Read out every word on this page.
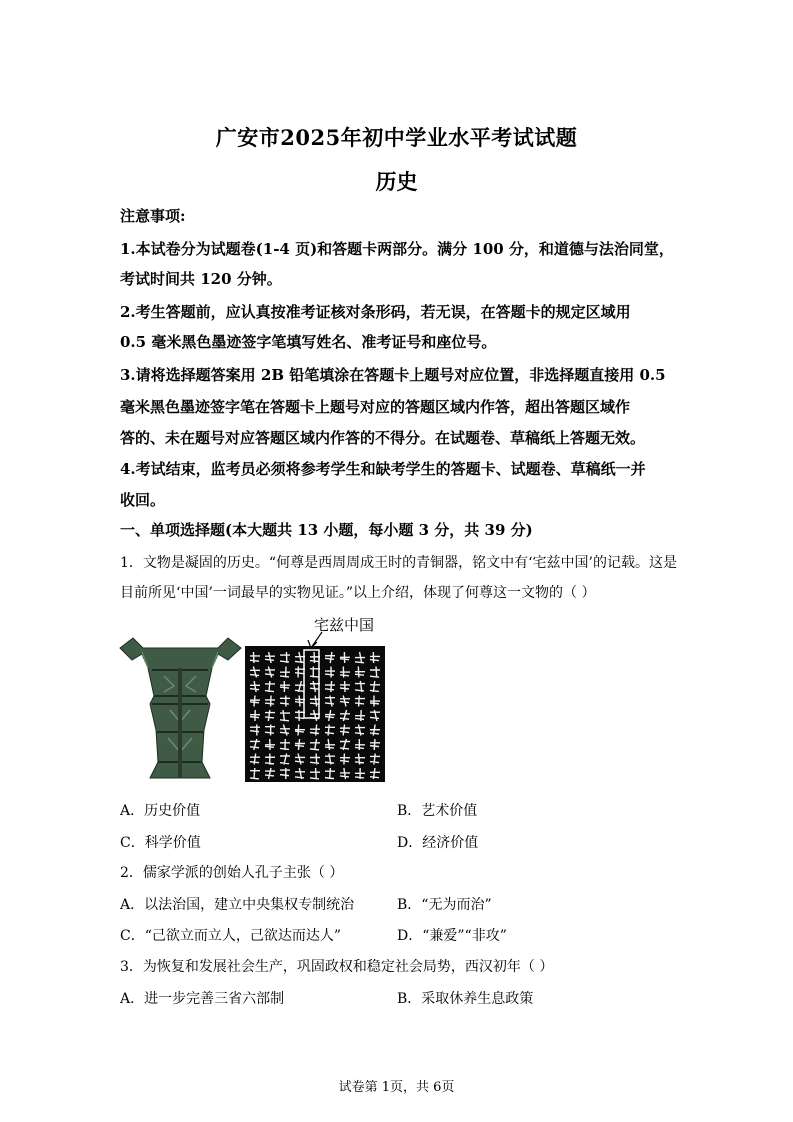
广安市2025年初中学业水平考试试题
历史
注意事项:
1.本试卷分为试题卷(1-4 页)和答题卡两部分。满分 100 分，和道德与法治同堂，
考试时间共 120 分钟。
2.考生答题前，应认真按准考证核对条形码，若无误，在答题卡的规定区域用
0.5 毫米黑色墨迹签字笔填写姓名、准考证号和座位号。
3.请将选择题答案用 2B 铅笔填涂在答题卡上题号对应位置，非选择题直接用 0.5
毫米黑色墨迹签字笔在答题卡上题号对应的答题区域内作答，超出答题区域作
答的、未在题号对应答题区域内作答的不得分。在试题卷、草稿纸上答题无效。
4.考试结束，监考员必须将参考学生和缺考学生的答题卡、试题卷、草稿纸一并
收回。
一、单项选择题(本大题共 13 小题，每小题 3 分，共 39 分)
1．文物是凝固的历史。“何尊是西周周成王时的青铜器，铭文中有‘宅兹中国’的记载。这是
目前所见‘中国’一词最早的实物见证。”以上介绍，体现了何尊这一文物的（ ）
宅兹中国
A．历史价值	B．艺术价值
C．科学价值	D．经济价值
2．儒家学派的创始人孔子主张（ ）
A．以法治国，建立中央集权专制统治	B．“无为而治”
C．“己欲立而立人，己欲达而达人”	D．“兼爱”“非攻”
3．为恢复和发展社会生产，巩固政权和稳定社会局势，西汉初年（ ）
A．进一步完善三省六部制	B．采取休养生息政策
试卷第 1页，共 6页
